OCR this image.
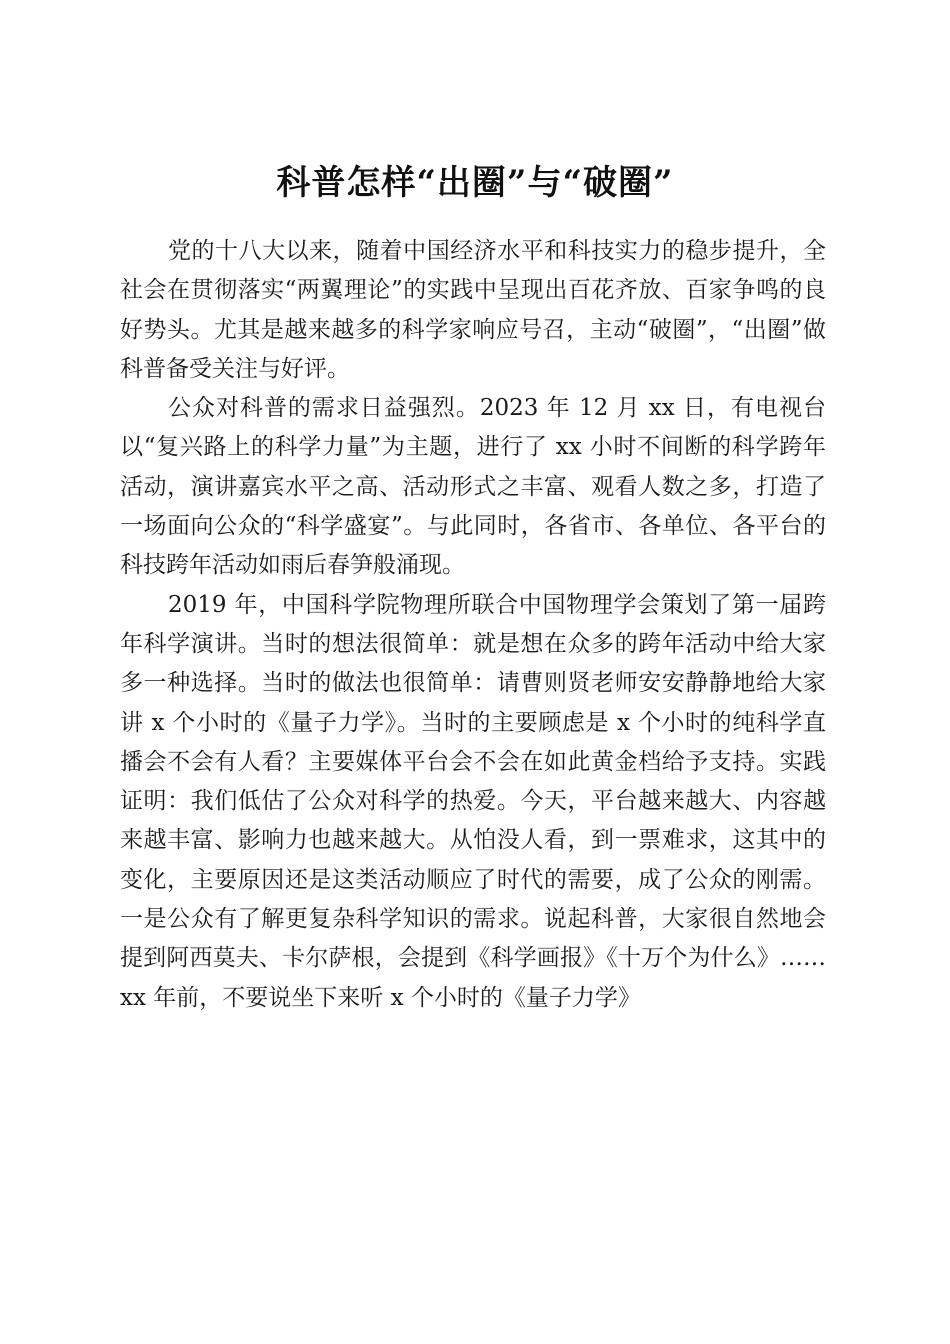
科普怎样“出圈”与“破圈”

党的十八大以来，随着中国经济水平和科技实力的稳步提升，全社会在贯彻落实“两翼理论”的实践中呈现出百花齐放、百家争鸣的良好势头。尤其是越来越多的科学家响应号召，主动“破圈”，“出圈”做科普备受关注与好评。

公众对科普的需求日益强烈。2023 年 12 月 xx 日，有电视台以“复兴路上的科学力量”为主题，进行了 xx 小时不间断的科学跨年活动，演讲嘉宾水平之高、活动形式之丰富、观看人数之多，打造了一场面向公众的“科学盛宴”。与此同时，各省市、各单位、各平台的科技跨年活动如雨后春笋般涌现。

2019 年，中国科学院物理所联合中国物理学会策划了第一届跨年科学演讲。当时的想法很简单：就是想在众多的跨年活动中给大家多一种选择。当时的做法也很简单：请曹则贤老师安安静静地给大家讲 x 个小时的《量子力学》。当时的主要顾虑是 x 个小时的纯科学直播会不会有人看？主要媒体平台会不会在如此黄金档给予支持。实践证明：我们低估了公众对科学的热爱。今天，平台越来越大、内容越来越丰富、影响力也越来越大。从怕没人看，到一票难求，这其中的变化，主要原因还是这类活动顺应了时代的需要，成了公众的刚需。一是公众有了解更复杂科学知识的需求。说起科普，大家很自然地会提到阿西莫夫、卡尔萨根，会提到《科学画报》《十万个为什么》……xx 年前，不要说坐下来听 x 个小时的《量子力学》
